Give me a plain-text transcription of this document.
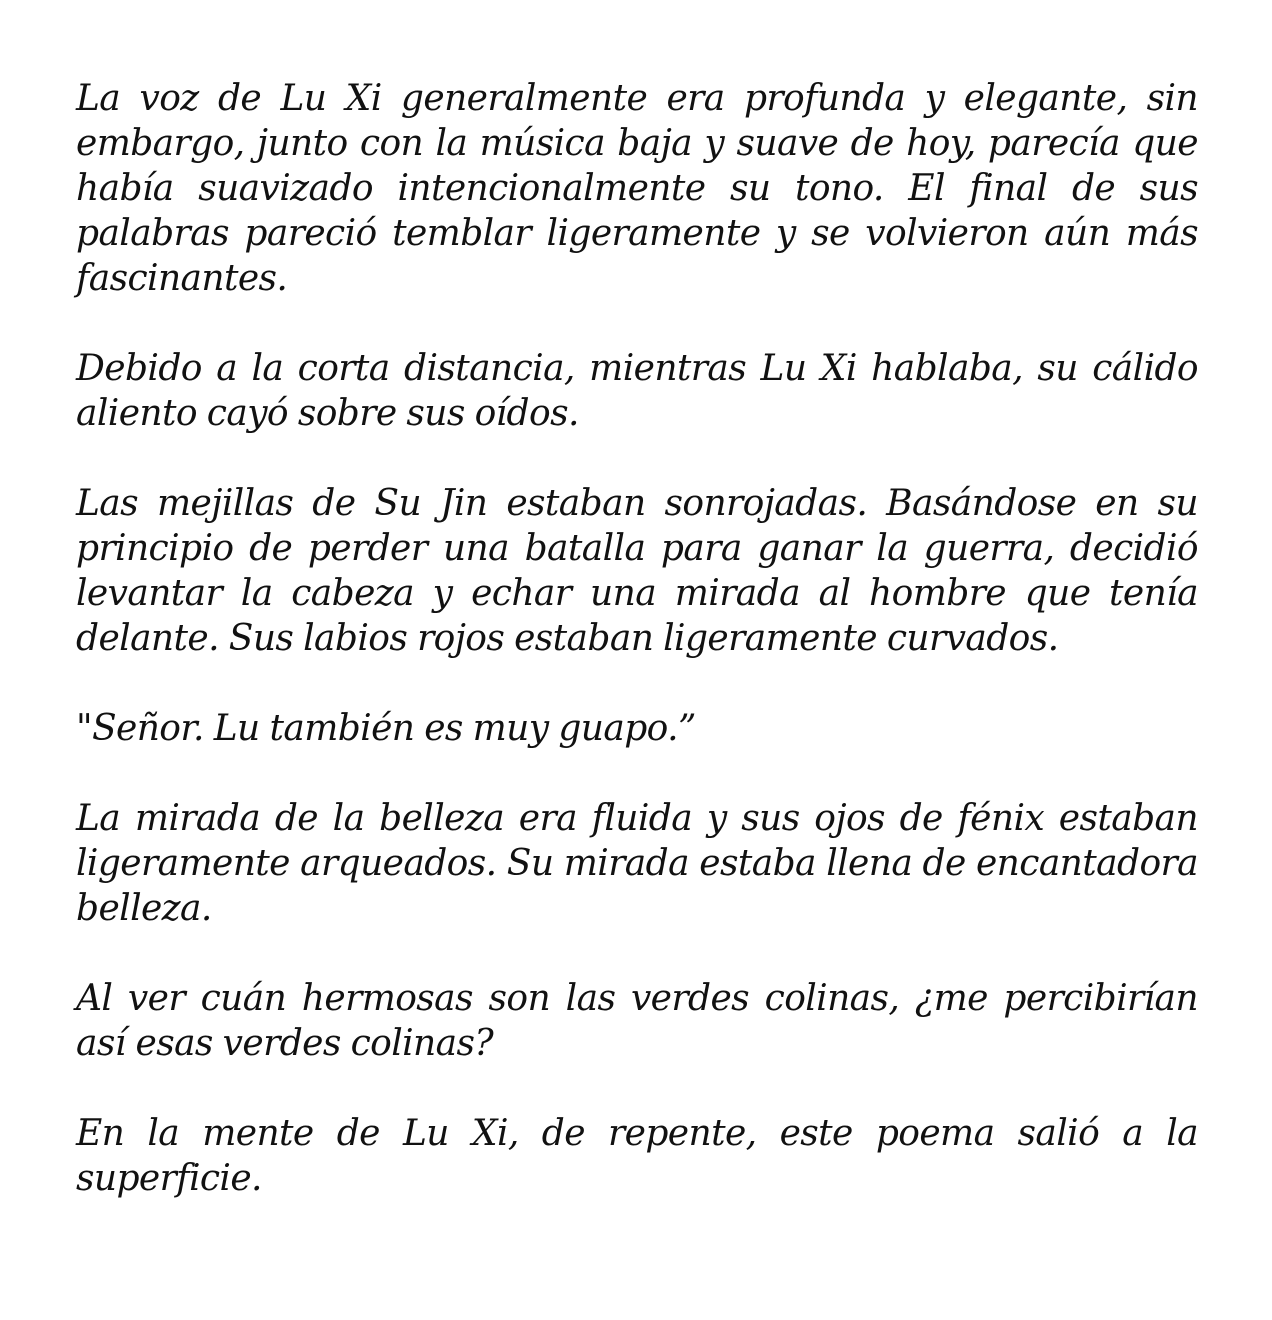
La voz de Lu Xi generalmente era profunda y elegante, sin embargo, junto con la música baja y suave de hoy, parecía que había suavizado intencionalmente su tono. El final de sus palabras pareció temblar ligeramente y se volvieron aún más fascinantes.

Debido a la corta distancia, mientras Lu Xi hablaba, su cálido aliento cayó sobre sus oídos.

Las mejillas de Su Jin estaban sonrojadas. Basándose en su principio de perder una batalla para ganar la guerra, decidió levantar la cabeza y echar una mirada al hombre que tenía delante. Sus labios rojos estaban ligeramente curvados.

"Señor. Lu también es muy guapo.”

La mirada de la belleza era fluida y sus ojos de fénix estaban ligeramente arqueados. Su mirada estaba llena de encantadora belleza.

Al ver cuán hermosas son las verdes colinas, ¿me percibirían así esas verdes colinas?

En la mente de Lu Xi, de repente, este poema salió a la superficie.
